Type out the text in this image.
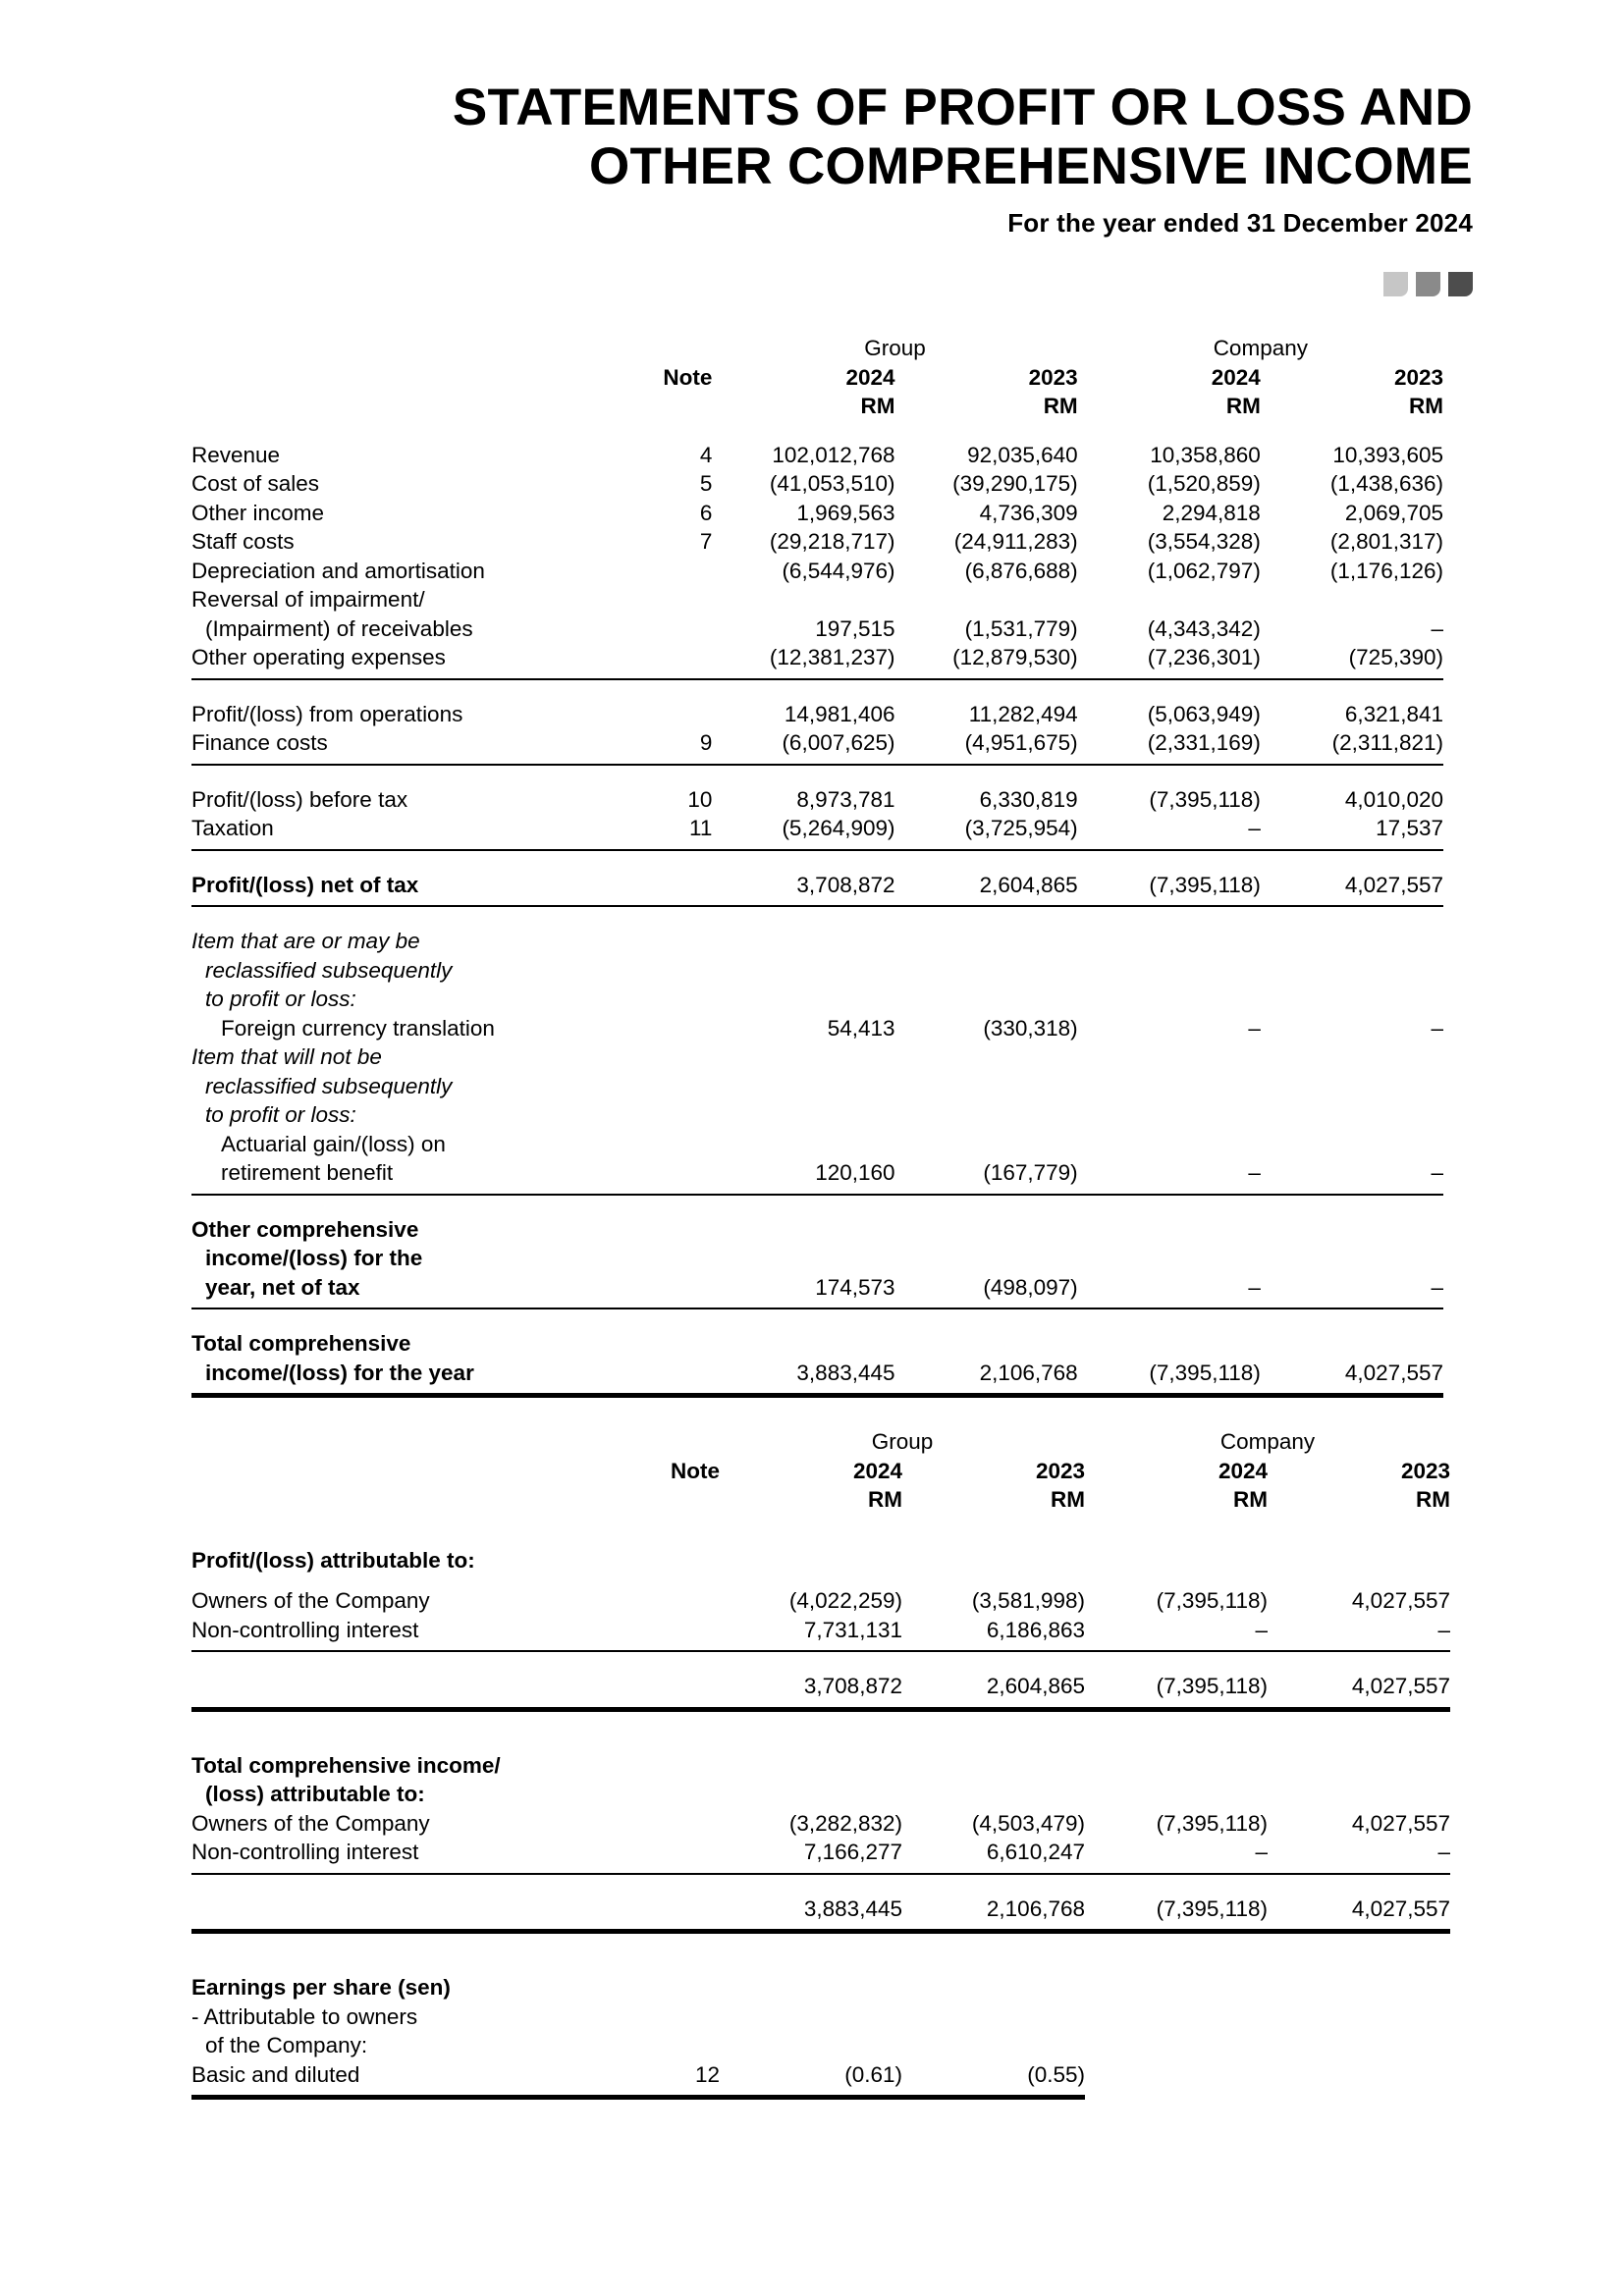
STATEMENTS OF PROFIT OR LOSS AND
OTHER COMPREHENSIVE INCOME
For the year ended 31 December 2024
		Group		Company	
	Note	2024	2023	2024	2023
		RM	RM	RM	RM

Revenue	4	102,012,768	92,035,640	10,358,860	10,393,605
Cost of sales	5	(41,053,510)	(39,290,175)	(1,520,859)	(1,438,636)
Other income	6	1,969,563	4,736,309	2,294,818	2,069,705
Staff costs	7	(29,218,717)	(24,911,283)	(3,554,328)	(2,801,317)
Depreciation and amortisation		(6,544,976)	(6,876,688)	(1,062,797)	(1,176,126)
Reversal of impairment/					
(Impairment) of receivables		197,515	(1,531,779)	(4,343,342)	–
Other operating expenses		(12,381,237)	(12,879,530)	(7,236,301)	(725,390)

Profit/(loss) from operations		14,981,406	11,282,494	(5,063,949)	6,321,841
Finance costs	9	(6,007,625)	(4,951,675)	(2,331,169)	(2,311,821)

Profit/(loss) before tax	10	8,973,781	6,330,819	(7,395,118)	4,010,020
Taxation	11	(5,264,909)	(3,725,954)	–	17,537

Profit/(loss) net of tax		3,708,872	2,604,865	(7,395,118)	4,027,557

Item that are or may be					
reclassified subsequently					
to profit or loss:					
Foreign currency translation		54,413	(330,318)	–	–
Item that will not be					
reclassified subsequently					
to profit or loss:					
Actuarial gain/(loss) on					
retirement benefit		120,160	(167,779)	–	–

Other comprehensive					
income/(loss) for the					
year, net of tax		174,573	(498,097)	–	–

Total comprehensive					
income/(loss) for the year		3,883,445	2,106,768	(7,395,118)	4,027,557

		Group		Company	
	Note	2024	2023	2024	2023
		RM	RM	RM	RM

Profit/(loss) attributable to:					

Owners of the Company		(4,022,259)	(3,581,998)	(7,395,118)	4,027,557
Non-controlling interest		7,731,131	6,186,863	–	–

		3,708,872	2,604,865	(7,395,118)	4,027,557

Total comprehensive income/					
(loss) attributable to:					
Owners of the Company		(3,282,832)	(4,503,479)	(7,395,118)	4,027,557
Non-controlling interest		7,166,277	6,610,247	–	–

		3,883,445	2,106,768	(7,395,118)	4,027,557

Earnings per share (sen)					
- Attributable to owners					
of the Company:					
Basic and diluted	12	(0.61)	(0.55)		
